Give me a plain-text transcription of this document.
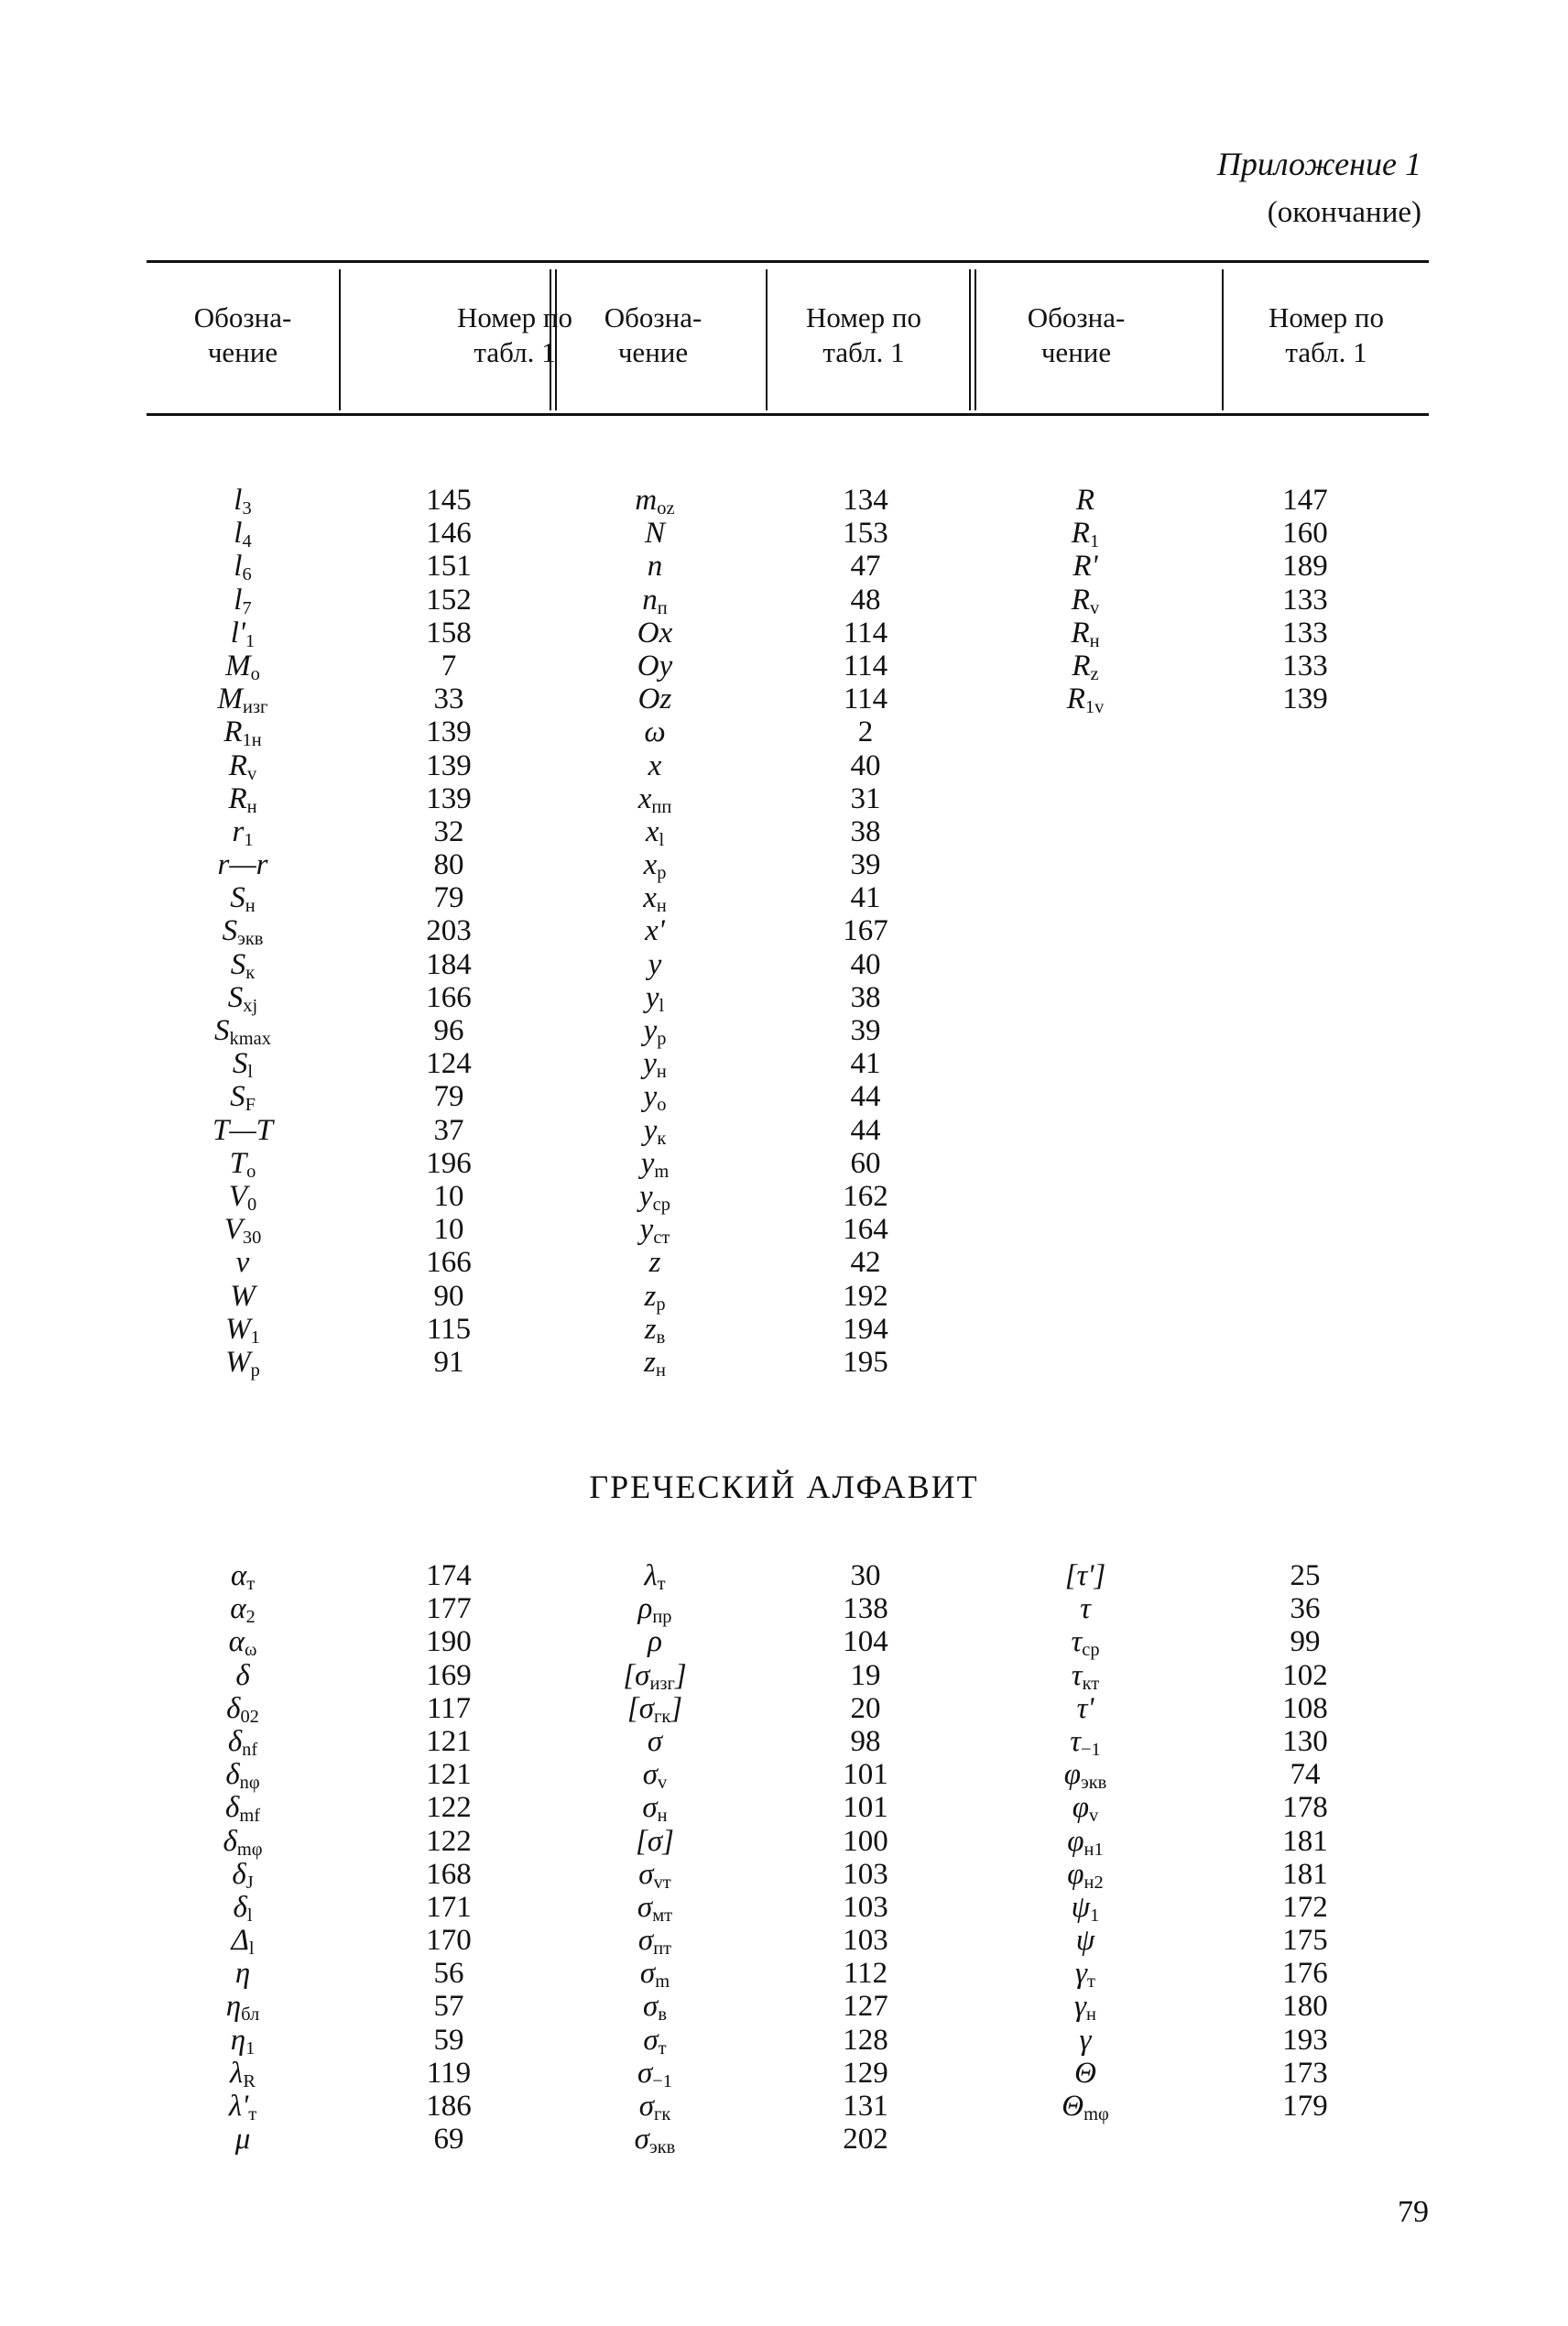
Приложение 1
(окончание)
Обозна-
чение
Номер по
табл. 1
Обозна-
чение
Номер по
табл. 1
Обозна-
чение
Номер по
табл. 1
$l_3$
$l_4$
$l_6$
$l_7$
$l'_1$
$M_о$
$M_{изг}$
$R_{1н}$
$R_v$
$R_н$
$r_1$
r—r
$S_н$
$S_{экв}$
$S_к$
$S_{xj}$
$S_{kmax}$
$S_l$
$S_F$
T—T
$T_о$
$V_0$
$V_{30}$
v
W
$W_1$
$W_р$
145
146
151
152
158
7
33
139
139
139
32
80
79
203
184
166
96
124
79
37
196
10
10
166
90
115
91
$m_{oz}$
N
n
$n_п$
Ox
Oy
Oz
ω
x
$x_{пп}$
$x_l$
$x_р$
$x_н$
x'
y
$y_l$
$y_р$
$y_н$
$y_о$
$y_к$
$y_m$
$y_{ср}$
$y_{ст}$
z
$z_р$
$z_в$
$z_н$
134
153
47
48
114
114
114
2
40
31
38
39
41
167
40
38
39
41
44
44
60
162
164
42
192
194
195
R
$R_1$
R'
$R_v$
$R_н$
$R_z$
$R_{1v}$
147
160
189
133
133
133
139
ГРЕЧЕСКИЙ АЛФАВИТ
$\alpha_т$
$\alpha_2$
$\alpha_\omega$
δ
$\delta_{02}$
$\delta_{nf}$
$\delta_{n\varphi}$
$\delta_{mf}$
$\delta_{m\varphi}$
$\delta_J$
$\delta_l$
$\Delta_l$
η
$\eta_{бл}$
$\eta_1$
$\lambda_R$
$\lambda'_т$
μ
174
177
190
169
117
121
121
122
122
168
171
170
56
57
59
119
186
69
$\lambda_т$
$\rho_{пр}$
ρ
$[\sigma_{изг}]$
$[\sigma_{гк}]$
σ
$\sigma_v$
$\sigma_н$
[σ]
$\sigma_{vт}$
$\sigma_{мт}$
$\sigma_{пт}$
$\sigma_m$
$\sigma_в$
$\sigma_т$
$\sigma_{-1}$
$\sigma_{гк}$
$\sigma_{экв}$
30
138
104
19
20
98
101
101
100
103
103
103
112
127
128
129
131
202
[τ']
τ
$\tau_{ср}$
$\tau_{кт}$
τ'
$\tau_{-1}$
$\varphi_{экв}$
$\varphi_v$
$\varphi_{н1}$
$\varphi_{н2}$
$\psi_1$
ψ
$\gamma_т$
$\gamma_н$
γ
Θ
$\Theta_{m\varphi}$
25
36
99
102
108
130
74
178
181
181
172
175
176
180
193
173
179
79
